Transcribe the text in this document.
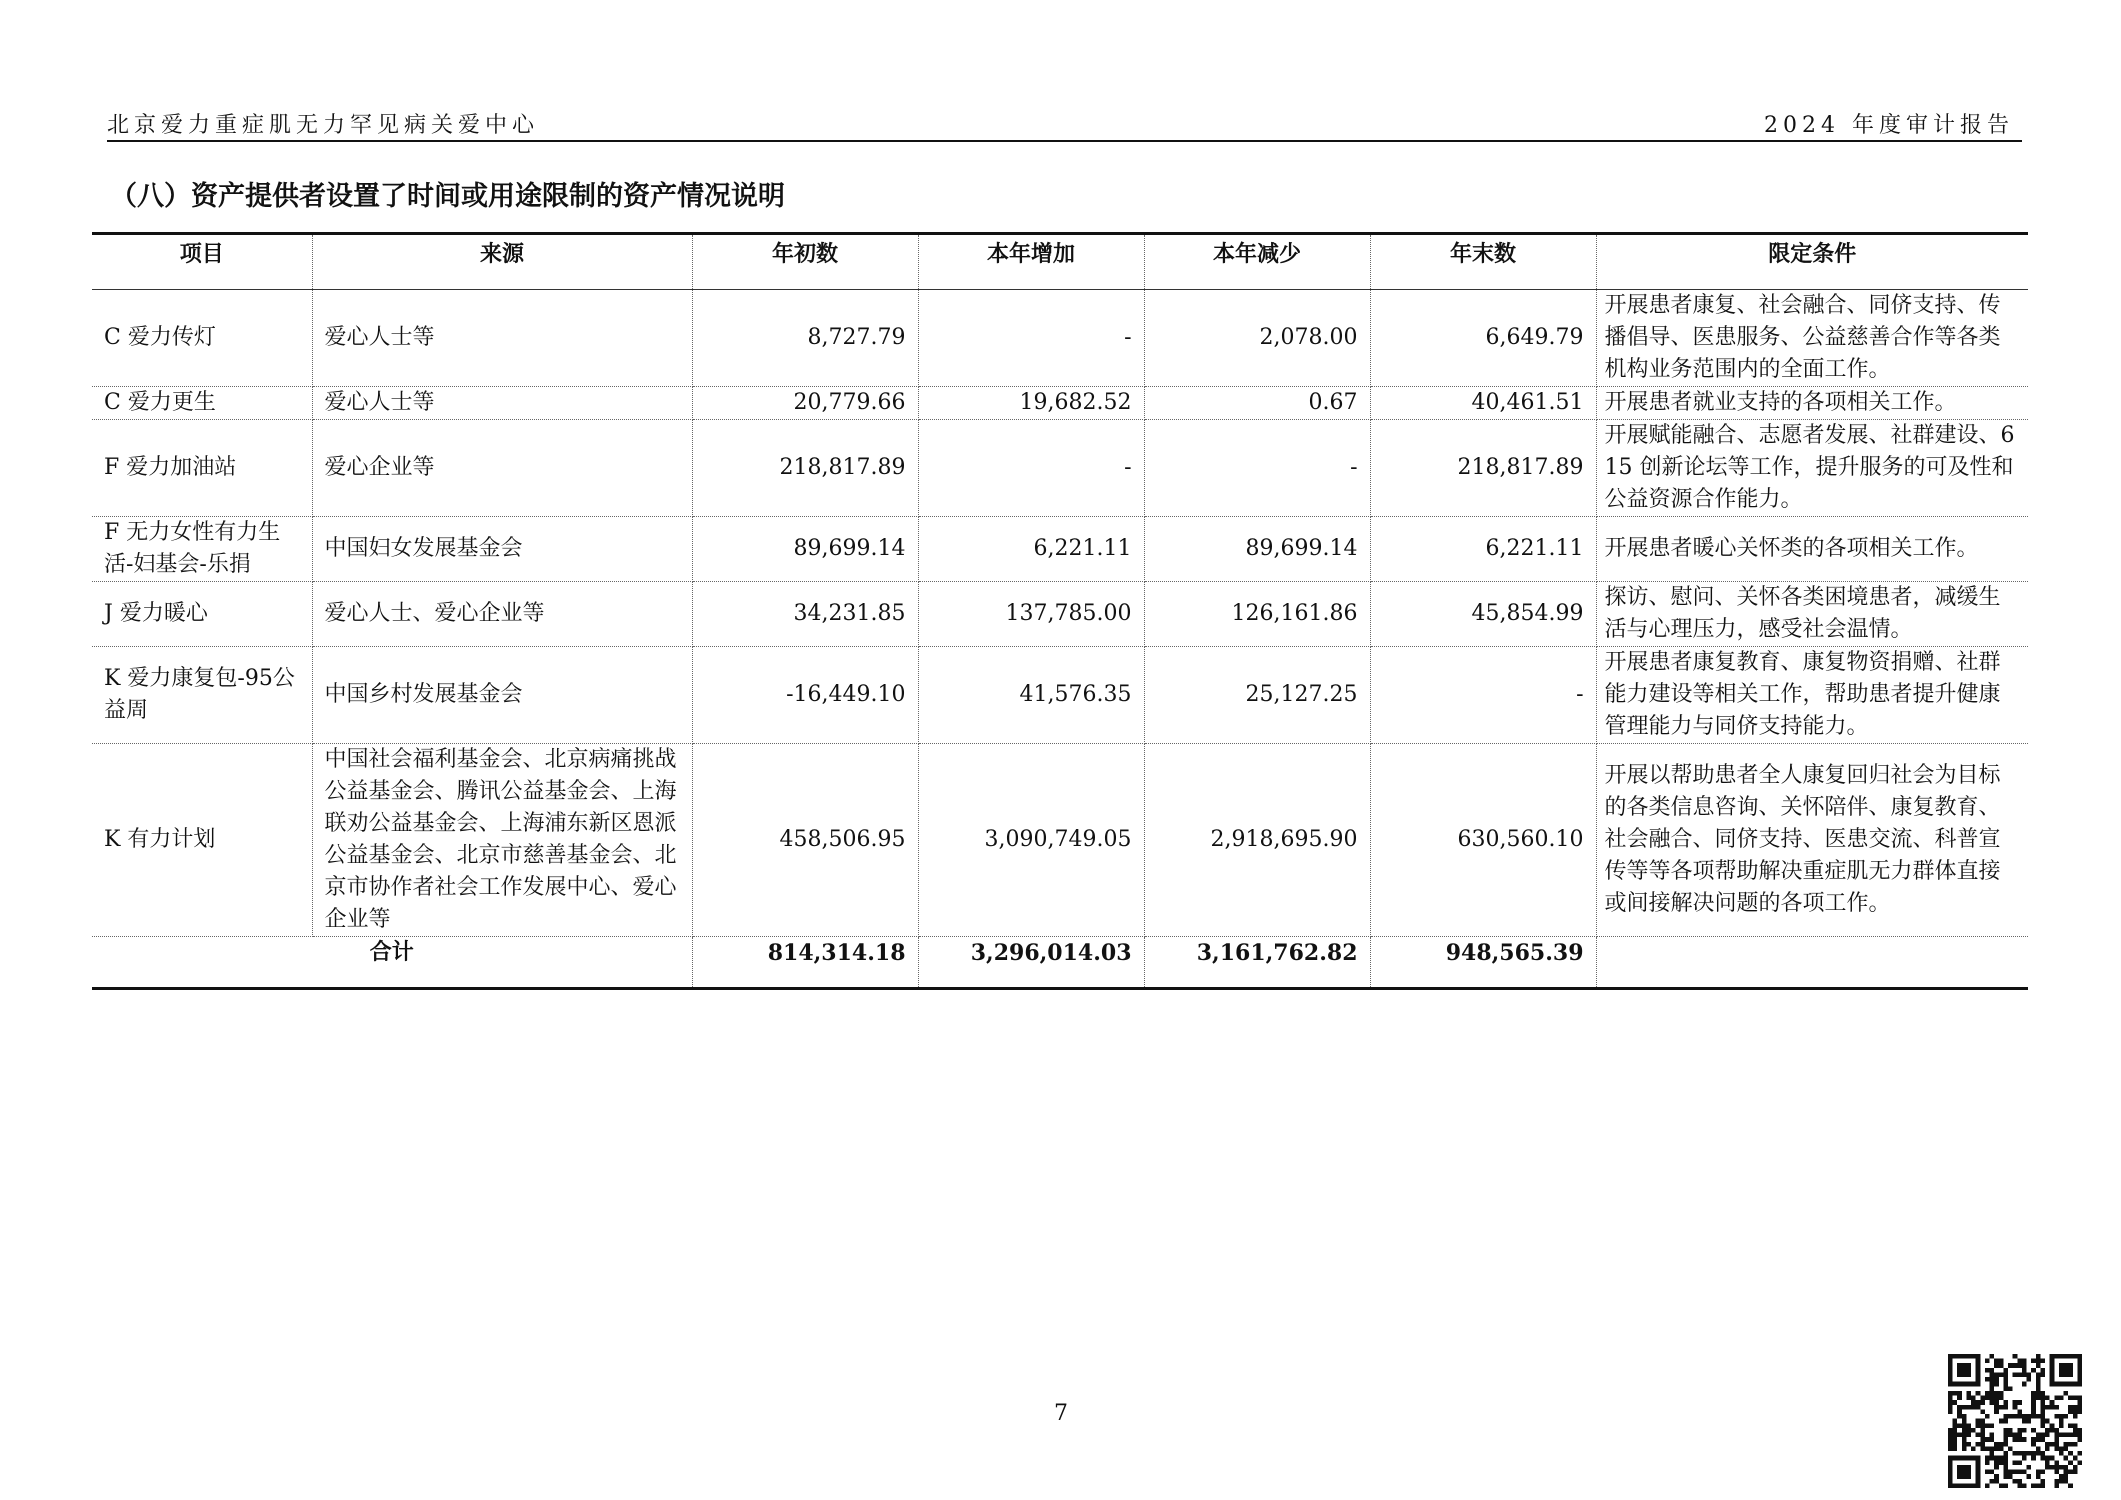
北京爱力重症肌无力罕见病关爱中心	2024 年度审计报告
（八）资产提供者设置了时间或用途限制的资产情况说明
项目	来源	年初数	本年增加	本年减少	年末数	限定条件
C 爱力传灯	爱心人士等	8,727.79	-	2,078.00	6,649.79	开展患者康复、社会融合、同侪支持、传播倡导、医患服务、公益慈善合作等各类机构业务范围内的全面工作。
C 爱力更生	爱心人士等	20,779.66	19,682.52	0.67	40,461.51	开展患者就业支持的各项相关工作。
F 爱力加油站	爱心企业等	218,817.89	-	-	218,817.89	开展赋能融合、志愿者发展、社群建设、615 创新论坛等工作，提升服务的可及性和公益资源合作能力。
F 无力女性有力生活-妇基会-乐捐	中国妇女发展基金会	89,699.14	6,221.11	89,699.14	6,221.11	开展患者暖心关怀类的各项相关工作。
J 爱力暖心	爱心人士、爱心企业等	34,231.85	137,785.00	126,161.86	45,854.99	探访、慰问、关怀各类困境患者，减缓生活与心理压力，感受社会温情。
K 爱力康复包-95公益周	中国乡村发展基金会	-16,449.10	41,576.35	25,127.25	-	开展患者康复教育、康复物资捐赠、社群能力建设等相关工作，帮助患者提升健康管理能力与同侪支持能力。
K 有力计划	中国社会福利基金会、北京病痛挑战公益基金会、腾讯公益基金会、上海联劝公益基金会、上海浦东新区恩派公益基金会、北京市慈善基金会、北京市协作者社会工作发展中心、爱心企业等	458,506.95	3,090,749.05	2,918,695.90	630,560.10	开展以帮助患者全人康复回归社会为目标的各类信息咨询、关怀陪伴、康复教育、社会融合、同侪支持、医患交流、科普宣传等等各项帮助解决重症肌无力群体直接或间接解决问题的各项工作。
合计		814,314.18	3,296,014.03	3,161,762.82	948,565.39	
7
